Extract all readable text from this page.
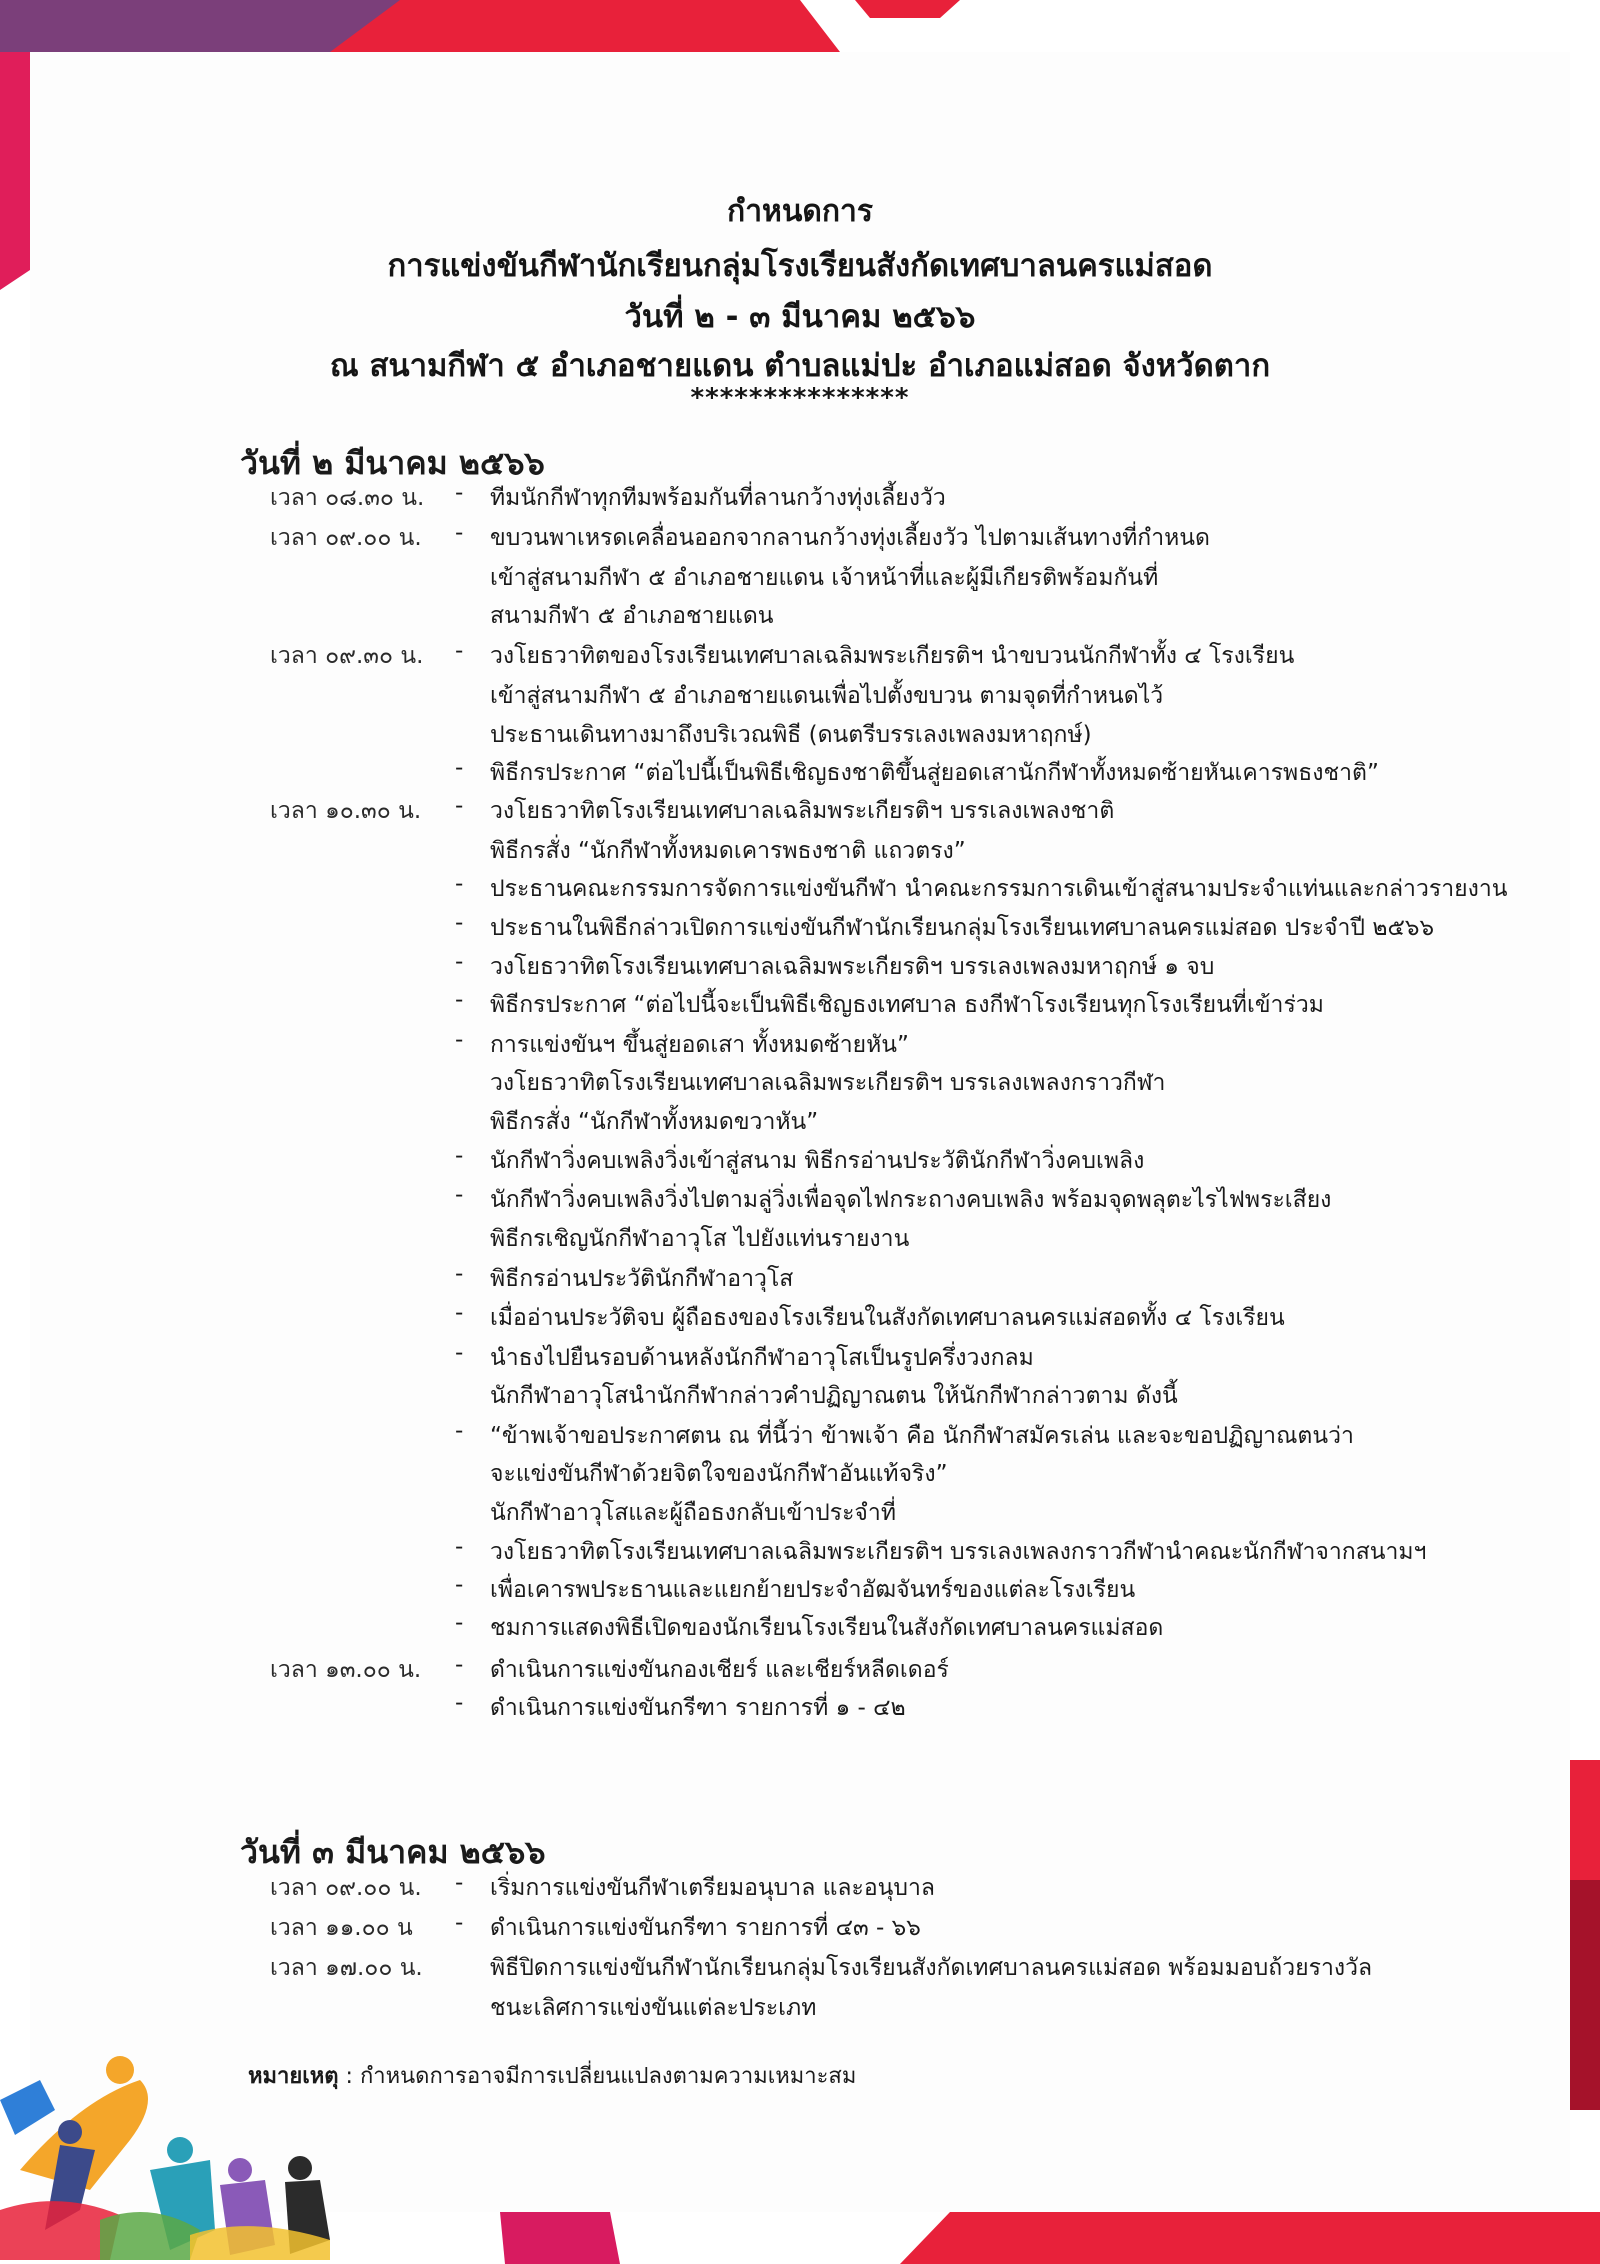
กำหนดการ
การแข่งขันกีฬานักเรียนกลุ่มโรงเรียนสังกัดเทศบาลนครแม่สอด
วันที่ ๒ - ๓ มีนาคม ๒๕๖๖
ณ สนามกีฬา ๕ อำเภอชายแดน ตำบลแม่ปะ อำเภอแม่สอด จังหวัดตาก
***************
วันที่ ๒ มีนาคม ๒๕๖๖
เวลา ๐๘.๓๐ น.	- ทีมนักกีฬาทุกทีมพร้อมกันที่ลานกว้างทุ่งเลี้ยงวัว
เวลา ๐๙.๐๐ น.	- ขบวนพาเหรดเคลื่อนออกจากลานกว้างทุ่งเลี้ยงวัว ไปตามเส้นทางที่กำหนด
เข้าสู่สนามกีฬา ๕ อำเภอชายแดน เจ้าหน้าที่และผู้มีเกียรติพร้อมกันที่
สนามกีฬา ๕ อำเภอชายแดน
เวลา ๐๙.๓๐ น.	- วงโยธวาทิตของโรงเรียนเทศบาลเฉลิมพระเกียรติฯ นำขบวนนักกีฬาทั้ง ๔ โรงเรียน
เข้าสู่สนามกีฬา ๕ อำเภอชายแดนเพื่อไปตั้งขบวน ตามจุดที่กำหนดไว้
ประธานเดินทางมาถึงบริเวณพิธี (ดนตรีบรรเลงเพลงมหาฤกษ์)
- พิธีกรประกาศ “ต่อไปนี้เป็นพิธีเชิญธงชาติขึ้นสู่ยอดเสานักกีฬาทั้งหมดซ้ายหันเคารพธงชาติ”
เวลา ๑๐.๓๐ น.	- วงโยธวาทิตโรงเรียนเทศบาลเฉลิมพระเกียรติฯ บรรเลงเพลงชาติ
พิธีกรสั่ง “นักกีฬาทั้งหมดเคารพธงชาติ แถวตรง”
- ประธานคณะกรรมการจัดการแข่งขันกีฬา นำคณะกรรมการเดินเข้าสู่สนามประจำแท่นและกล่าวรายงาน
- ประธานในพิธีกล่าวเปิดการแข่งขันกีฬานักเรียนกลุ่มโรงเรียนเทศบาลนครแม่สอด ประจำปี ๒๕๖๖
- วงโยธวาทิตโรงเรียนเทศบาลเฉลิมพระเกียรติฯ บรรเลงเพลงมหาฤกษ์ ๑ จบ
- พิธีกรประกาศ “ต่อไปนี้จะเป็นพิธีเชิญธงเทศบาล ธงกีฬาโรงเรียนทุกโรงเรียนที่เข้าร่วม
- การแข่งขันฯ ขึ้นสู่ยอดเสา ทั้งหมดซ้ายหัน”
วงโยธวาทิตโรงเรียนเทศบาลเฉลิมพระเกียรติฯ บรรเลงเพลงกราวกีฬา
พิธีกรสั่ง “นักกีฬาทั้งหมดขวาหัน”
- นักกีฬาวิ่งคบเพลิงวิ่งเข้าสู่สนาม พิธีกรอ่านประวัตินักกีฬาวิ่งคบเพลิง
- นักกีฬาวิ่งคบเพลิงวิ่งไปตามลู่วิ่งเพื่อจุดไฟกระถางคบเพลิง พร้อมจุดพลุตะไรไฟพระเสียง
พิธีกรเชิญนักกีฬาอาวุโส ไปยังแท่นรายงาน
- พิธีกรอ่านประวัตินักกีฬาอาวุโส
- เมื่ออ่านประวัติจบ ผู้ถือธงของโรงเรียนในสังกัดเทศบาลนครแม่สอดทั้ง ๔ โรงเรียน
- นำธงไปยืนรอบด้านหลังนักกีฬาอาวุโสเป็นรูปครึ่งวงกลม
นักกีฬาอาวุโสนำนักกีฬากล่าวคำปฏิญาณตน ให้นักกีฬากล่าวตาม ดังนี้
- “ข้าพเจ้าขอประกาศตน ณ ที่นี้ว่า ข้าพเจ้า คือ นักกีฬาสมัครเล่น และจะขอปฏิญาณตนว่า
จะแข่งขันกีฬาด้วยจิตใจของนักกีฬาอันแท้จริง”
นักกีฬาอาวุโสและผู้ถือธงกลับเข้าประจำที่
- วงโยธวาทิตโรงเรียนเทศบาลเฉลิมพระเกียรติฯ บรรเลงเพลงกราวกีฬานำคณะนักกีฬาจากสนามฯ
- เพื่อเคารพประธานและแยกย้ายประจำอัฒจันทร์ของแต่ละโรงเรียน
- ชมการแสดงพิธีเปิดของนักเรียนโรงเรียนในสังกัดเทศบาลนครแม่สอด
เวลา ๑๓.๐๐ น.	- ดำเนินการแข่งขันกองเชียร์ และเชียร์หลีดเดอร์
- ดำเนินการแข่งขันกรีฑา รายการที่ ๑ - ๔๒
วันที่ ๓ มีนาคม ๒๕๖๖
เวลา ๐๙.๐๐ น.	- เริ่มการแข่งขันกีฬาเตรียมอนุบาล และอนุบาล
เวลา ๑๑.๐๐ น	- ดำเนินการแข่งขันกรีฑา รายการที่ ๔๓ - ๖๖
เวลา ๑๗.๐๐ น.	พิธีปิดการแข่งขันกีฬานักเรียนกลุ่มโรงเรียนสังกัดเทศบาลนครแม่สอด พร้อมมอบถ้วยรางวัล
ชนะเลิศการแข่งขันแต่ละประเภท
หมายเหตุ : กำหนดการอาจมีการเปลี่ยนแปลงตามความเหมาะสม
